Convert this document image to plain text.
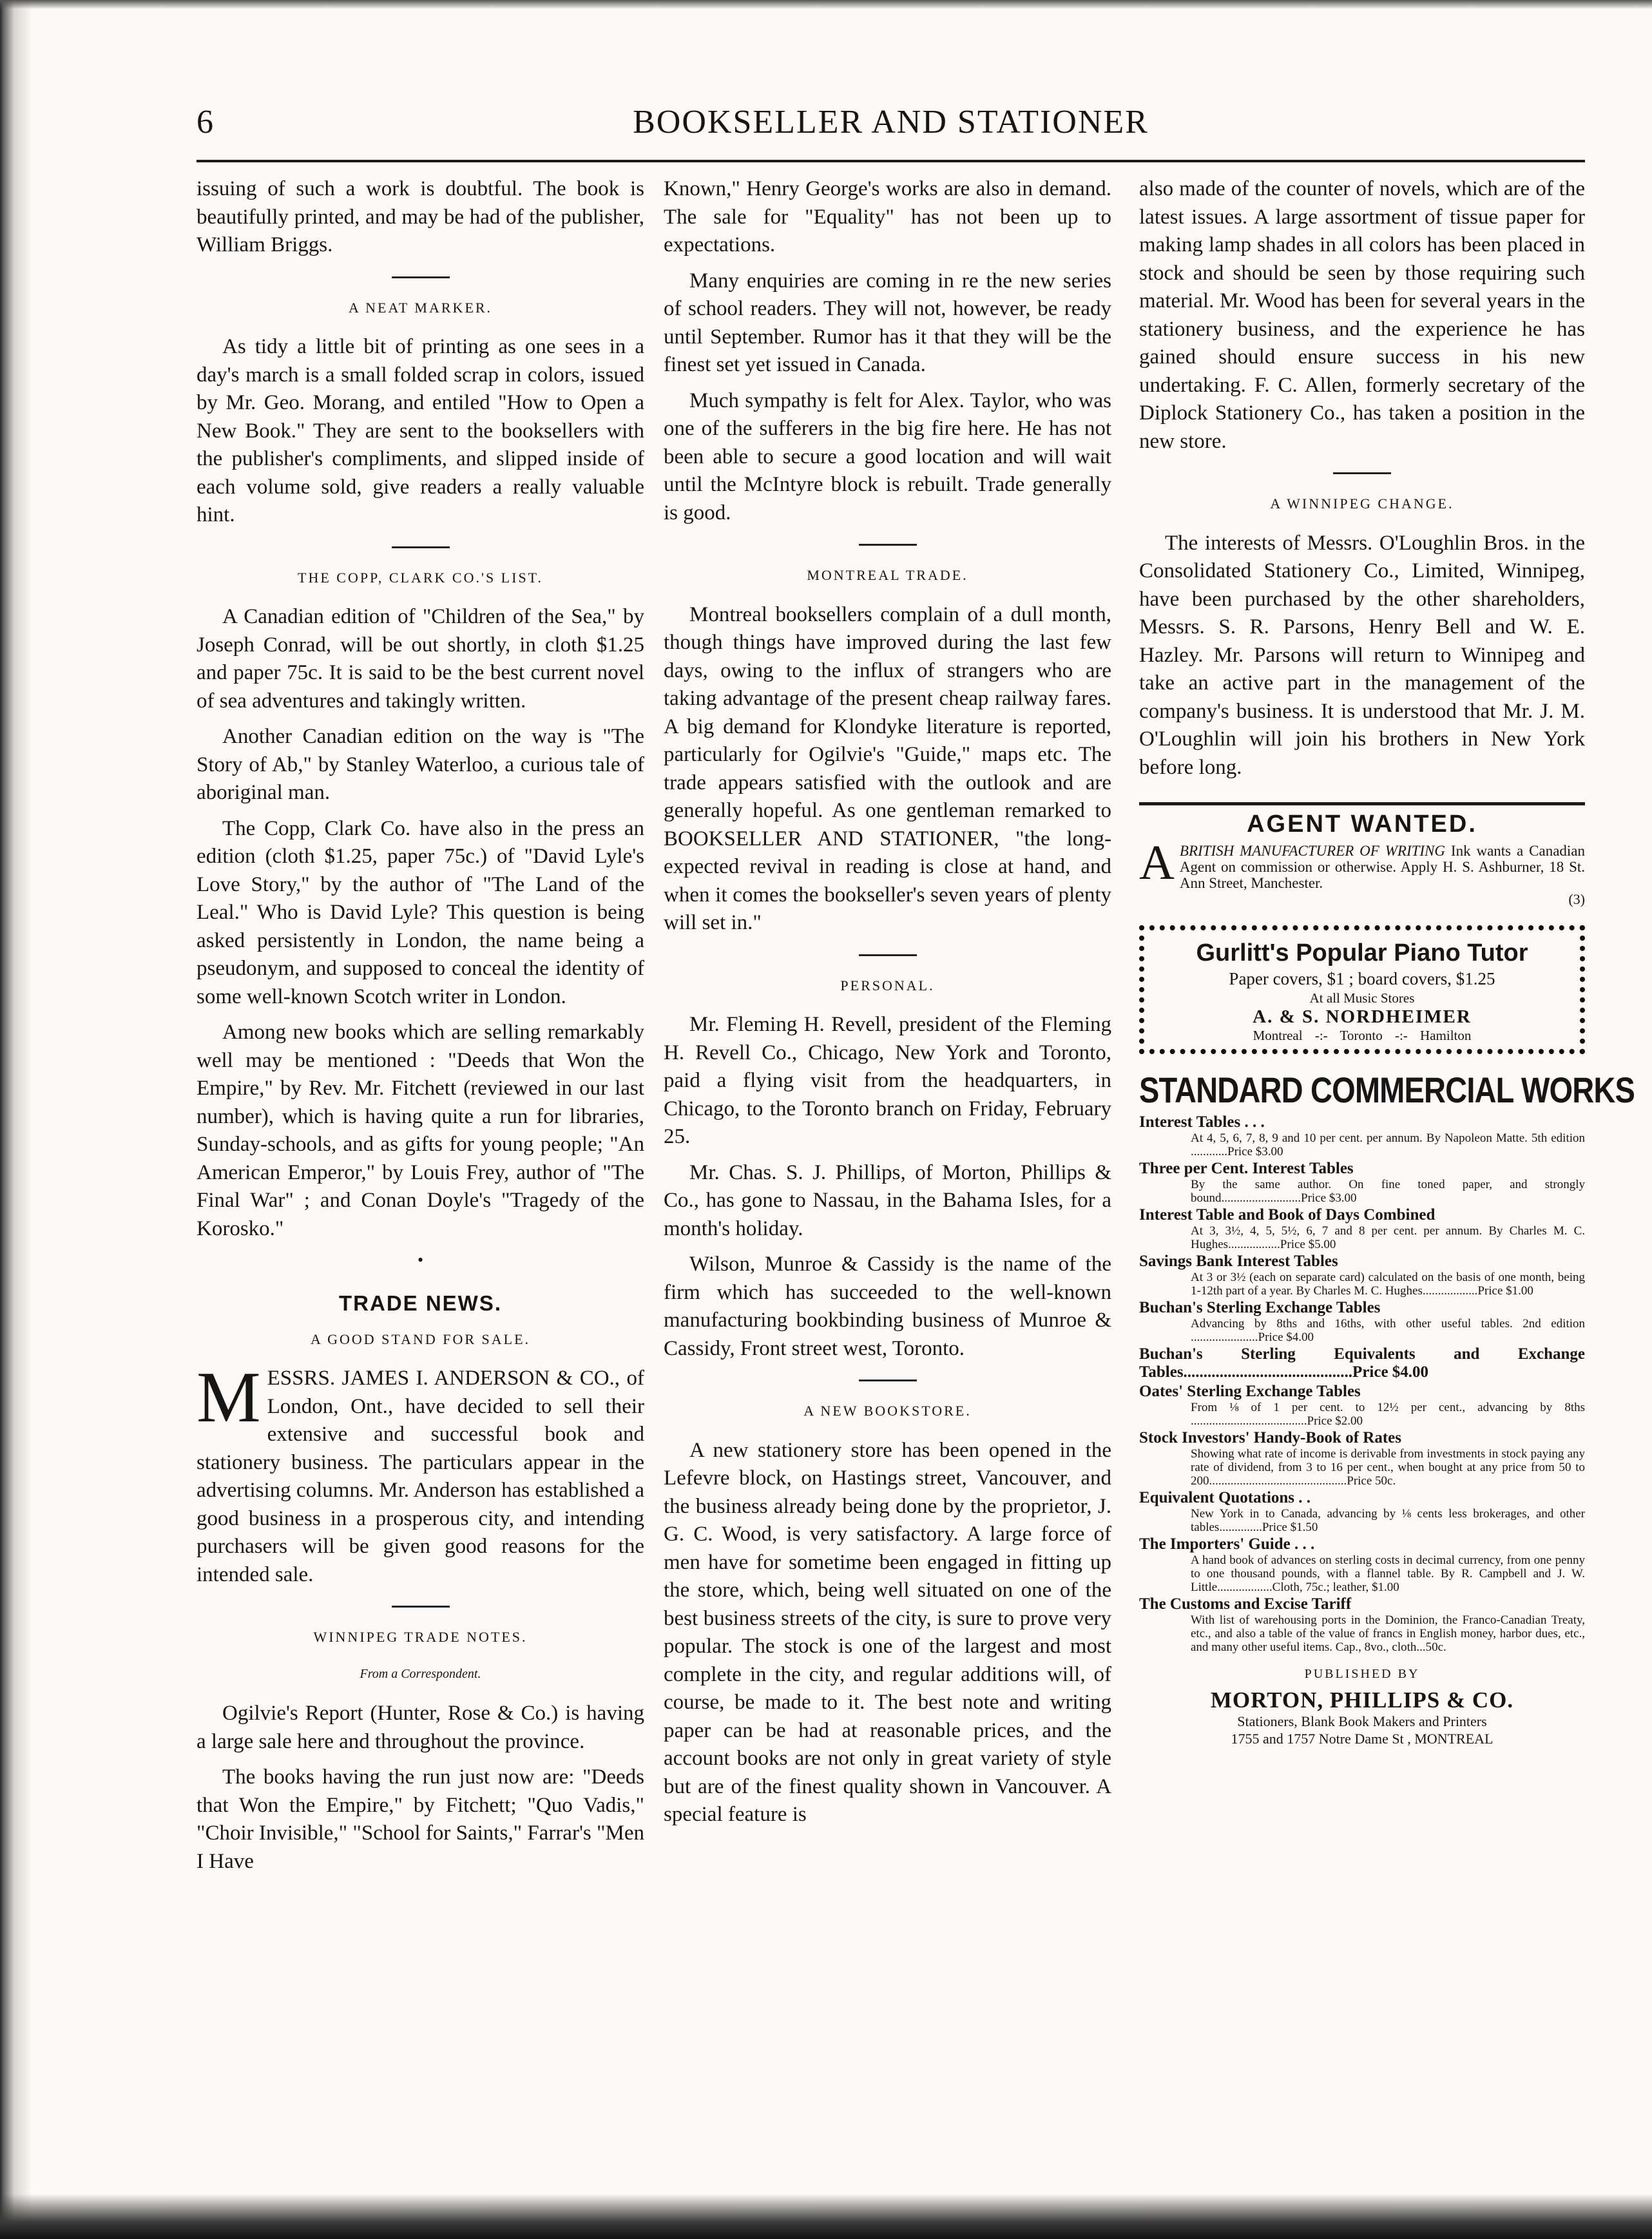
6	BOOKSELLER AND STATIONER

issuing of such a work is doubtful. The book is beautifully printed, and may be had of the publisher, William Briggs.

A NEAT MARKER.

As tidy a little bit of printing as one sees in a day's march is a small folded scrap in colors, issued by Mr. Geo. Morang, and entiled "How to Open a New Book." They are sent to the booksellers with the publisher's compliments, and slipped inside of each volume sold, give readers a really valuable hint.

THE COPP, CLARK CO.'S LIST.

A Canadian edition of "Children of the Sea," by Joseph Conrad, will be out shortly, in cloth $1.25 and paper 75c. It is said to be the best current novel of sea adventures and takingly written.

Another Canadian edition on the way is "The Story of Ab," by Stanley Waterloo, a curious tale of aboriginal man.

The Copp, Clark Co. have also in the press an edition (cloth $1.25, paper 75c.) of "David Lyle's Love Story," by the author of "The Land of the Leal." Who is David Lyle? This question is being asked persistently in London, the name being a pseudonym, and supposed to conceal the identity of some well-known Scotch writer in London.

Among new books which are selling remarkably well may be mentioned : "Deeds that Won the Empire," by Rev. Mr. Fitchett (reviewed in our last number), which is having quite a run for libraries, Sunday-schools, and as gifts for young people; "An American Emperor," by Louis Frey, author of "The Final War" ; and Conan Doyle's "Tragedy of the Korosko."

•
TRADE NEWS.
A GOOD STAND FOR SALE.

MESSRS. JAMES I. ANDERSON & CO., of London, Ont., have decided to sell their extensive and successful book and stationery business. The particulars appear in the advertising columns. Mr. Anderson has established a good business in a prosperous city, and intending purchasers will be given good reasons for the intended sale.

WINNIPEG TRADE NOTES.
From a Correspondent.

Ogilvie's Report (Hunter, Rose & Co.) is having a large sale here and throughout the province.

The books having the run just now are: "Deeds that Won the Empire," by Fitchett; "Quo Vadis," "Choir Invisible," "School for Saints," Farrar's "Men I Have

Known," Henry George's works are also in demand. The sale for "Equality" has not been up to expectations.

Many enquiries are coming in re the new series of school readers. They will not, however, be ready until September. Rumor has it that they will be the finest set yet issued in Canada.

Much sympathy is felt for Alex. Taylor, who was one of the sufferers in the big fire here. He has not been able to secure a good location and will wait until the McIntyre block is rebuilt. Trade generally is good.

MONTREAL TRADE.

Montreal booksellers complain of a dull month, though things have improved during the last few days, owing to the influx of strangers who are taking advantage of the present cheap railway fares. A big demand for Klondyke literature is reported, particularly for Ogilvie's "Guide," maps etc. The trade appears satisfied with the outlook and are generally hopeful. As one gentleman remarked to BOOKSELLER AND STATIONER, "the long-expected revival in reading is close at hand, and when it comes the bookseller's seven years of plenty will set in."

PERSONAL.

Mr. Fleming H. Revell, president of the Fleming H. Revell Co., Chicago, New York and Toronto, paid a flying visit from the headquarters, in Chicago, to the Toronto branch on Friday, February 25.

Mr. Chas. S. J. Phillips, of Morton, Phillips & Co., has gone to Nassau, in the Bahama Isles, for a month's holiday.

Wilson, Munroe & Cassidy is the name of the firm which has succeeded to the well-known manufacturing bookbinding business of Munroe & Cassidy, Front street west, Toronto.

A NEW BOOKSTORE.

A new stationery store has been opened in the Lefevre block, on Hastings street, Vancouver, and the business already being done by the proprietor, J. G. C. Wood, is very satisfactory. A large force of men have for sometime been engaged in fitting up the store, which, being well situated on one of the best business streets of the city, is sure to prove very popular. The stock is one of the largest and most complete in the city, and regular additions will, of course, be made to it. The best note and writing paper can be had at reasonable prices, and the account books are not only in great variety of style but are of the finest quality shown in Vancouver. A special feature is

also made of the counter of novels, which are of the latest issues. A large assortment of tissue paper for making lamp shades in all colors has been placed in stock and should be seen by those requiring such material. Mr. Wood has been for several years in the stationery business, and the experience he has gained should ensure success in his new undertaking. F. C. Allen, formerly secretary of the Diplock Stationery Co., has taken a position in the new store.

A WINNIPEG CHANGE.

The interests of Messrs. O'Loughlin Bros. in the Consolidated Stationery Co., Limited, Winnipeg, have been purchased by the other shareholders, Messrs. S. R. Parsons, Henry Bell and W. E. Hazley. Mr. Parsons will return to Winnipeg and take an active part in the management of the company's business. It is understood that Mr. J. M. O'Loughlin will join his brothers in New York before long.

AGENT WANTED.
A BRITISH MANUFACTURER OF WRITING Ink wants a Canadian Agent on commission or otherwise. Apply H. S. Ashburner, 18 St. Ann Street, Manchester.
(3)
Gurlitt's Popular Piano Tutor
Paper covers, $1 ; board covers, $1.25
At all Music Stores
A. & S. NORDHEIMER
Montreal -:- Toronto -:- Hamilton
STANDARD COMMERCIAL WORKS
Interest Tables . . .
At 4, 5, 6, 7, 8, 9 and 10 per cent. per annum. By Napoleon Matte. 5th edition ............Price $3.00
Three per Cent. Interest Tables
By the same author. On fine toned paper, and strongly bound..........................Price $3.00
Interest Table and Book of Days Combined
At 3, 3½, 4, 5, 5½, 6, 7 and 8 per cent. per annum. By Charles M. C. Hughes.................Price $5.00
Savings Bank Interest Tables
At 3 or 3½ (each on separate card) calculated on the basis of one month, being 1-12th part of a year. By Charles M. C. Hughes..................Price $1.00
Buchan's Sterling Exchange Tables
Advancing by 8ths and 16ths, with other useful tables. 2nd edition ......................Price $4.00
Buchan's Sterling Equivalents and Exchange Tables..........................................Price $4.00
Oates' Sterling Exchange Tables
From ⅛ of 1 per cent. to 12½ per cent., advancing by 8ths ......................................Price $2.00
Stock Investors' Handy-Book of Rates
Showing what rate of income is derivable from investments in stock paying any rate of dividend, from 3 to 16 per cent., when bought at any price from 50 to 200.............................................Price 50c.
Equivalent Quotations . .
New York in to Canada, advancing by ⅛ cents less brokerages, and other tables..............Price $1.50
The Importers' Guide . . .
A hand book of advances on sterling costs in decimal currency, from one penny to one thousand pounds, with a flannel table. By R. Campbell and J. W. Little..................Cloth, 75c.; leather, $1.00
The Customs and Excise Tariff
With list of warehousing ports in the Dominion, the Franco-Canadian Treaty, etc., and also a table of the value of francs in English money, harbor dues, etc., and many other useful items. Cap., 8vo., cloth...50c.
PUBLISHED BY
MORTON, PHILLIPS & CO.
Stationers, Blank Book Makers and Printers
1755 and 1757 Notre Dame St , MONTREAL
